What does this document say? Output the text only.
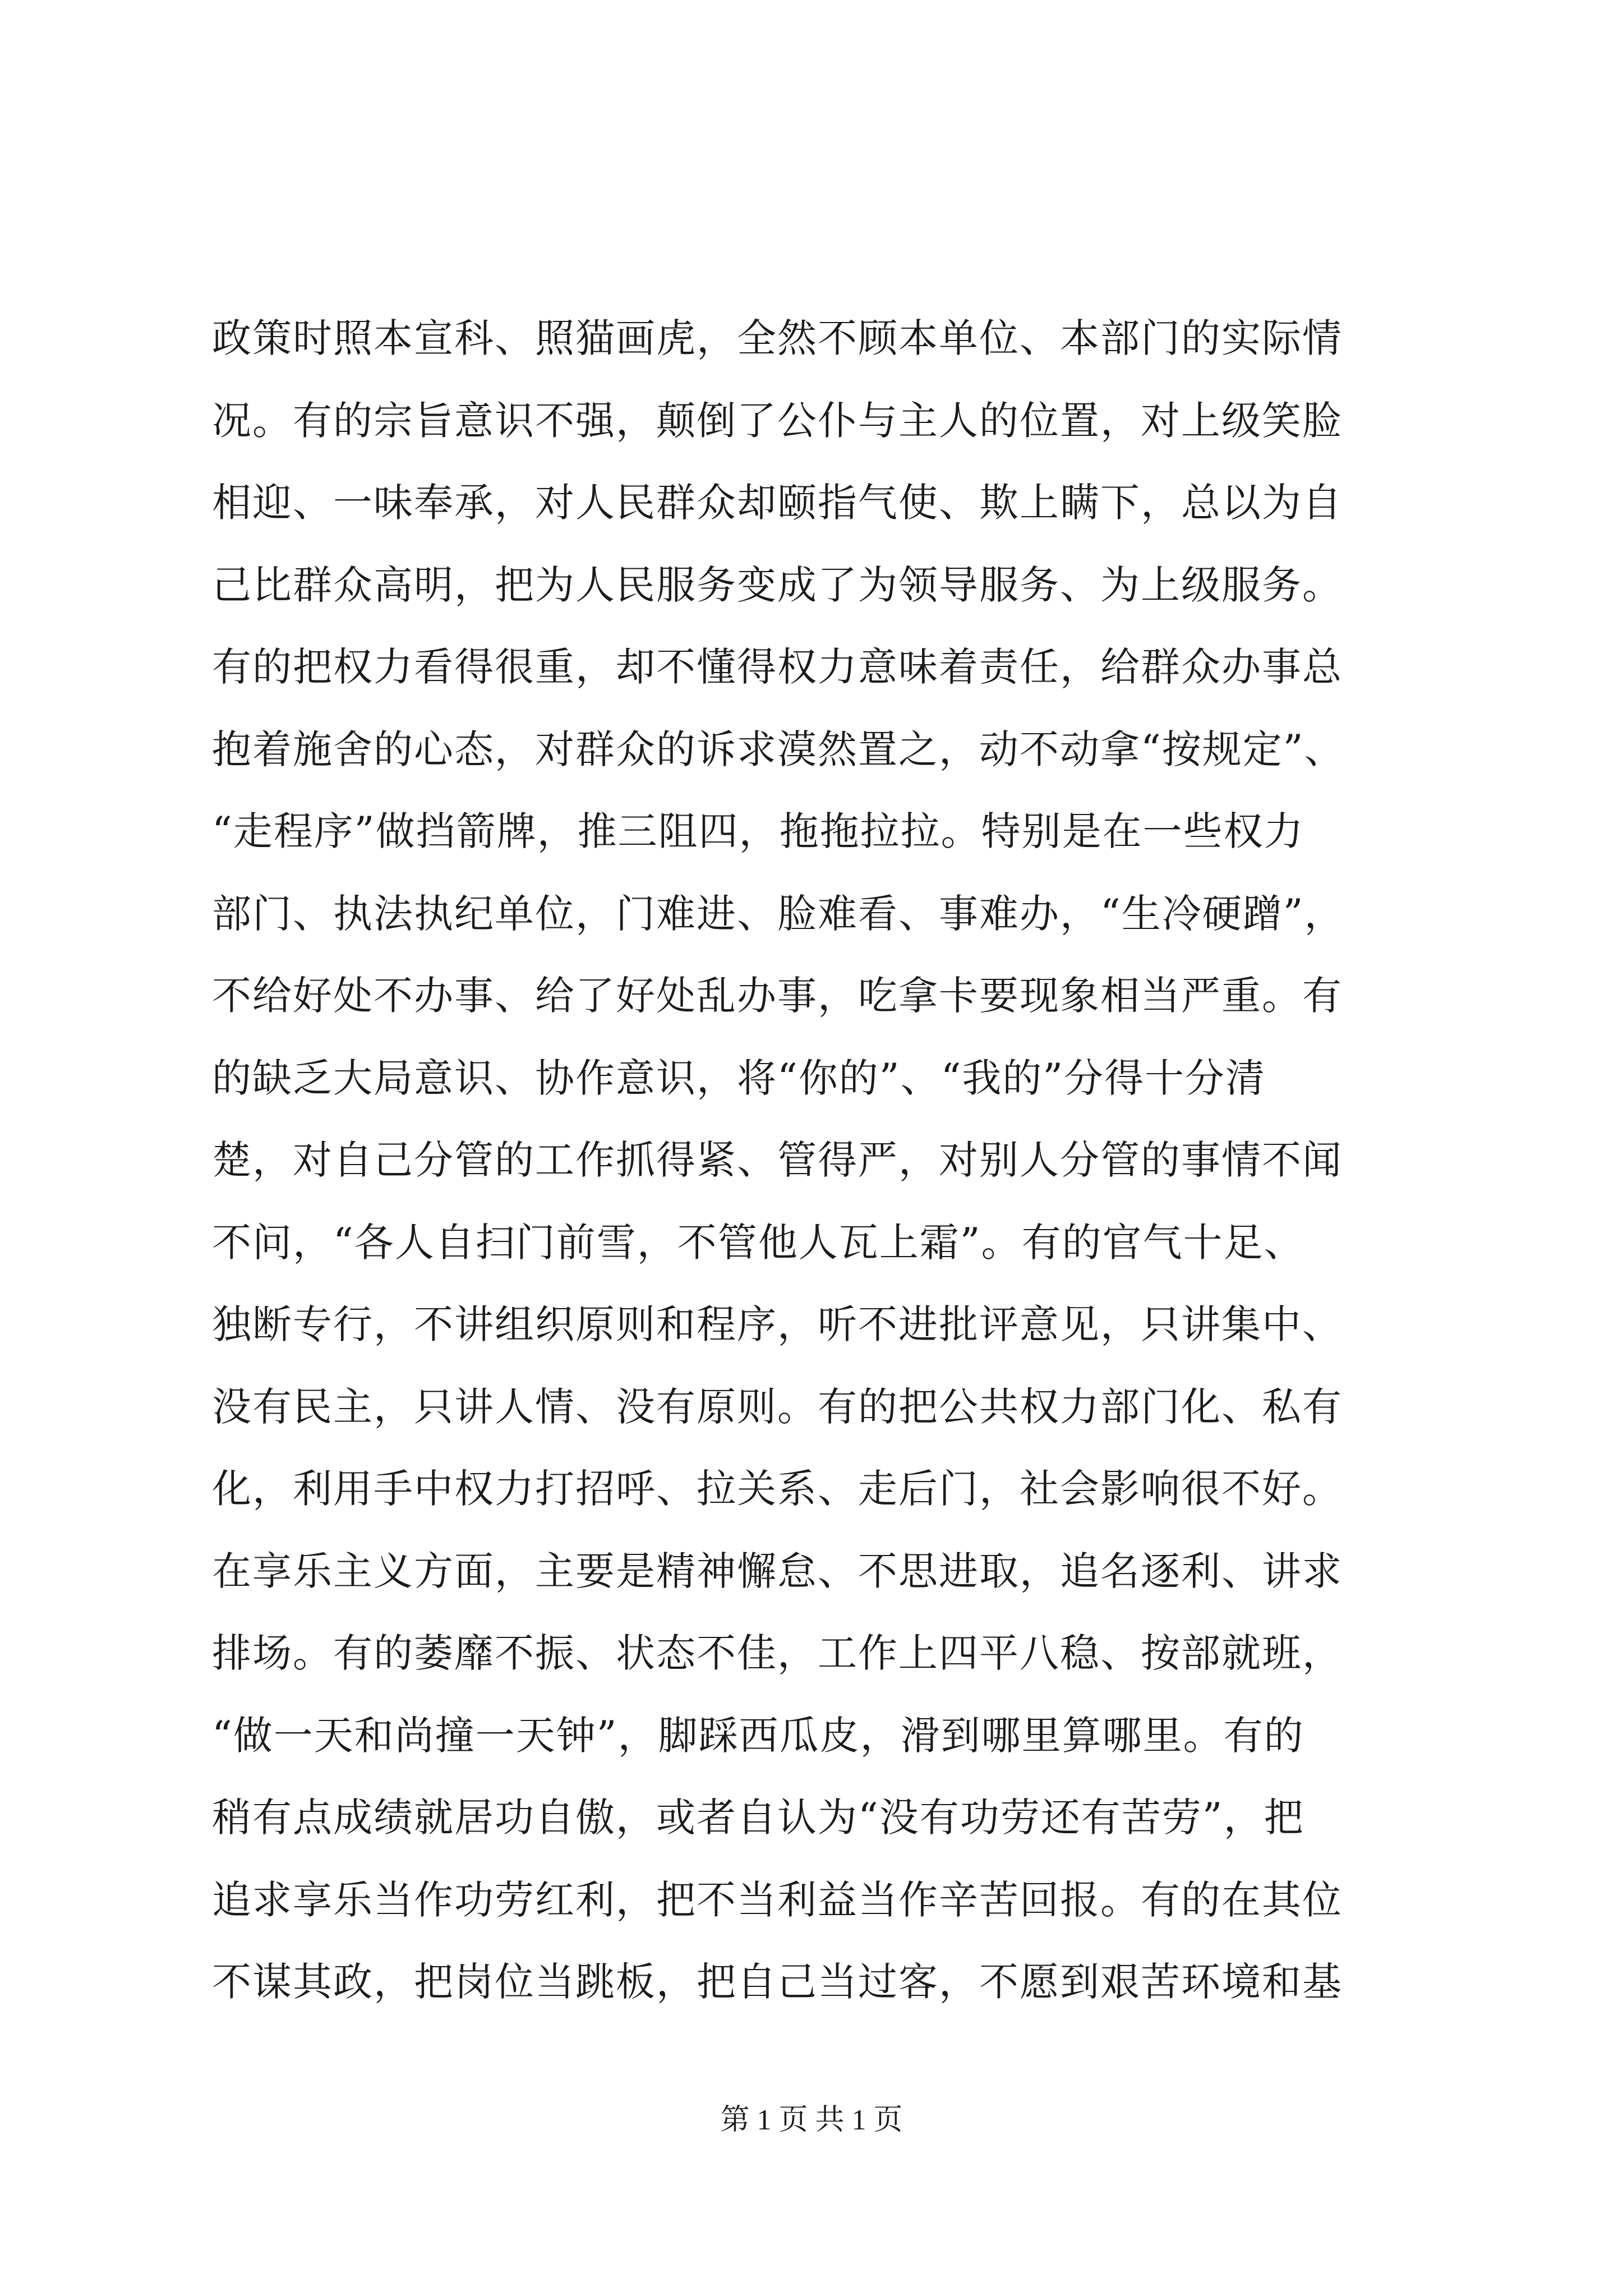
政策时照本宣科、照猫画虎，全然不顾本单位、本部门的实际情
况。有的宗旨意识不强，颠倒了公仆与主人的位置，对上级笑脸
相迎、一味奉承，对人民群众却颐指气使、欺上瞒下，总以为自
己比群众高明，把为人民服务变成了为领导服务、为上级服务。
有的把权力看得很重，却不懂得权力意味着责任，给群众办事总
抱着施舍的心态，对群众的诉求漠然置之，动不动拿“按规定”、
“走程序”做挡箭牌，推三阻四，拖拖拉拉。特别是在一些权力
部门、执法执纪单位，门难进、脸难看、事难办，“生冷硬蹭”，
不给好处不办事、给了好处乱办事，吃拿卡要现象相当严重。有
的缺乏大局意识、协作意识，将“你的”、“我的”分得十分清
楚，对自己分管的工作抓得紧、管得严，对别人分管的事情不闻
不问，“各人自扫门前雪，不管他人瓦上霜”。有的官气十足、
独断专行，不讲组织原则和程序，听不进批评意见，只讲集中、
没有民主，只讲人情、没有原则。有的把公共权力部门化、私有
化，利用手中权力打招呼、拉关系、走后门，社会影响很不好。
在享乐主义方面，主要是精神懈怠、不思进取，追名逐利、讲求
排场。有的萎靡不振、状态不佳，工作上四平八稳、按部就班，
“做一天和尚撞一天钟”，脚踩西瓜皮，滑到哪里算哪里。有的
稍有点成绩就居功自傲，或者自认为“没有功劳还有苦劳”，把
追求享乐当作功劳红利，把不当利益当作辛苦回报。有的在其位
不谋其政，把岗位当跳板，把自己当过客，不愿到艰苦环境和基
第 1 页 共 1 页
